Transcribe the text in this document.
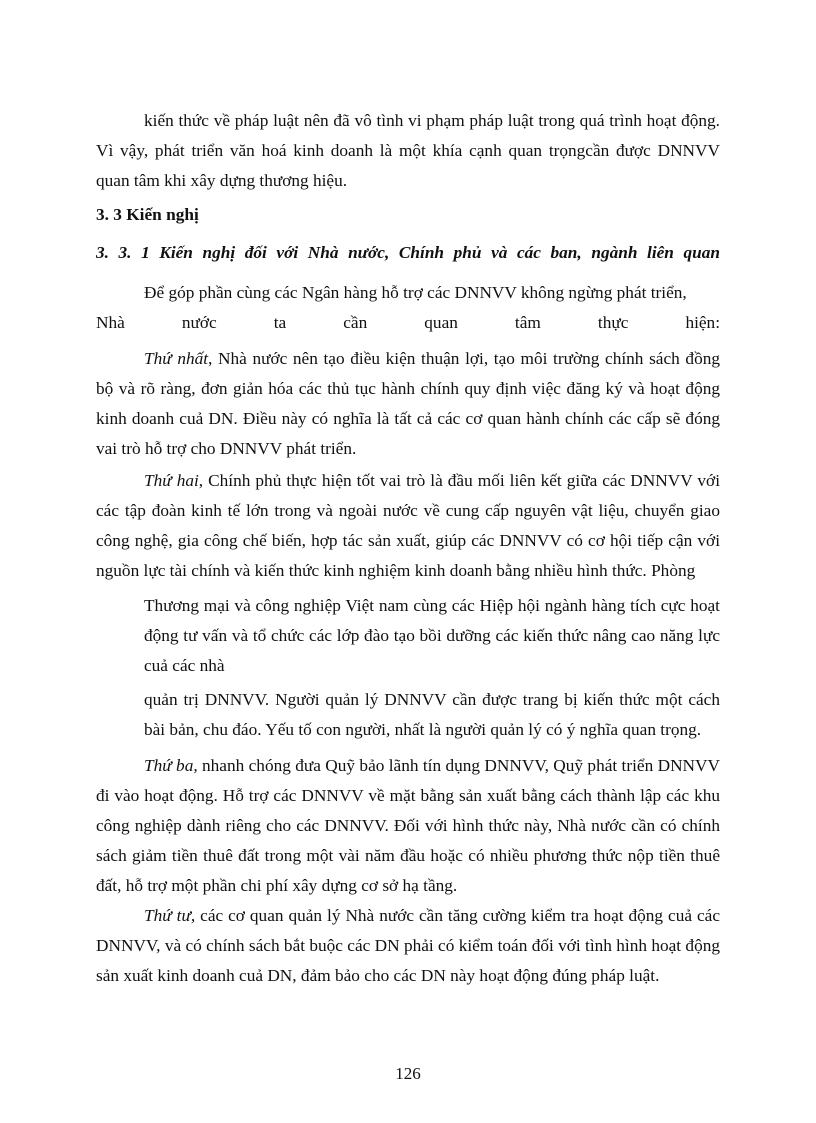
kiến thức về pháp luật nên đã vô tình vi phạm pháp luật trong quá trình hoạt động. Vì vậy, phát triển văn hoá kinh doanh là một khía cạnh quan trọngcần được DNNVV quan tâm khi xây dựng thương hiệu.

3. 3 Kiến nghị

3. 3. 1 Kiến nghị đối với Nhà nước, Chính phủ và các ban, ngành liên quan

Để góp phần cùng các Ngân hàng hỗ trợ các DNNVV không ngừng phát triển,

Nhà nước ta cần quan tâm thực hiện:

Thứ nhất, Nhà nước nên tạo điều kiện thuận lợi, tạo môi trường chính sách đồng bộ và rõ ràng, đơn giản hóa các thủ tục hành chính quy định việc đăng ký và hoạt động kinh doanh cuả DN. Điều này có nghĩa là tất cả các cơ quan hành chính các cấp sẽ đóng vai trò hỗ trợ cho DNNVV phát triển.

Thứ hai, Chính phủ thực hiện tốt vai trò là đầu mối liên kết giữa các DNNVV với các tập đoàn kinh tế lớn trong và ngoài nước về cung cấp nguyên vật liệu, chuyển giao công nghệ, gia công chế biến, hợp tác sản xuất, giúp các DNNVV có cơ hội tiếp cận với nguồn lực tài chính và kiến thức kinh nghiệm kinh doanh bằng nhiều hình thức. Phòng

Thương mại và công nghiệp Việt nam cùng các Hiệp hội ngành hàng tích cực hoạt động tư vấn và tổ chức các lớp đào tạo bồi dưỡng các kiến thức nâng cao năng lực cuả các nhà

quản trị DNNVV. Người quản lý DNNVV cần được trang bị kiến thức một cách bài bản, chu đáo. Yếu tố con người, nhất là người quản lý có ý nghĩa quan trọng.

Thứ ba, nhanh chóng đưa Quỹ bảo lãnh tín dụng DNNVV, Quỹ phát triển DNNVV đi vào hoạt động. Hỗ trợ các DNNVV về mặt bằng sản xuất bằng cách thành lập các khu công nghiệp dành riêng cho các DNNVV. Đối với hình thức này, Nhà nước cần có chính sách giảm tiền thuê đất trong một vài năm đầu hoặc có nhiều phương thức nộp tiền thuê đất, hỗ trợ một phần chi phí xây dựng cơ sở hạ tầng.

Thứ tư, các cơ quan quản lý Nhà nước cần tăng cường kiểm tra hoạt động cuả các DNNVV, và có chính sách bắt buộc các DN phải có kiểm toán đối với tình hình hoạt động sản xuất kinh doanh cuả DN, đảm bảo cho các DN này hoạt động đúng pháp luật.

126
